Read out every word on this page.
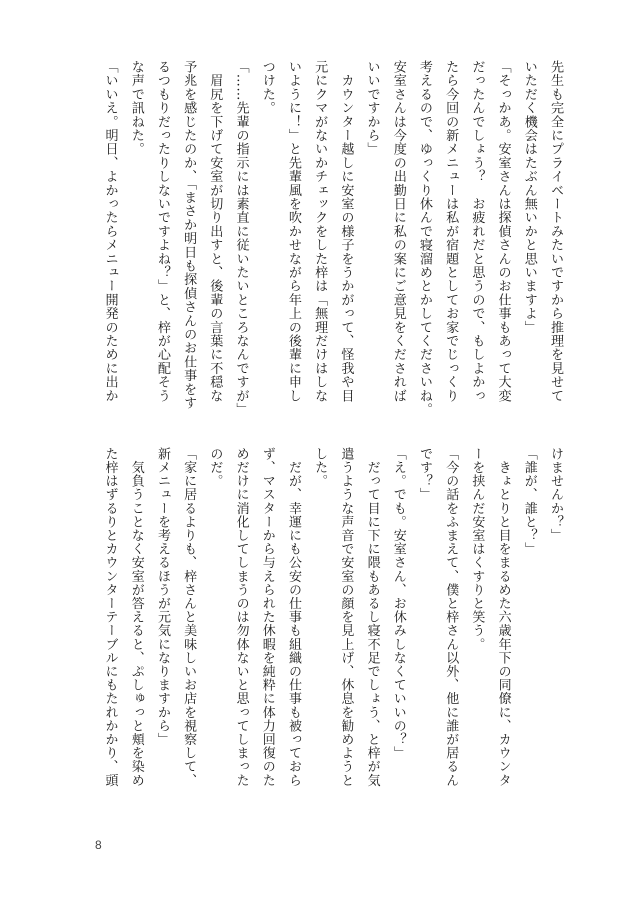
先生も完全にプライベートみたいですから推理を見せて

いただく機会はたぶん無いかと思いますよ」

「そっかあ。安室さんは探偵さんのお仕事もあって大変

だったんでしょう？　お疲れだと思うので、もしよかっ

たら今回の新メニューは私が宿題としてお家でじっくり

考えるので、ゆっくり休んで寝溜めとかしてくださいね。

安室さんは今度の出勤日に私の案にご意見をくだされば

いいですから」

　カウンター越しに安室の様子をうかがって、怪我や目

元にクマがないかチェックをした梓は「無理だけはしな

いように！」と先輩風を吹かせながら年上の後輩に申し

つけた。

「……先輩の指示には素直に従いたいところなんですが」

　眉尻を下げて安室が切り出すと、後輩の言葉に不穏な

予兆を感じたのか、「まさか明日も探偵さんのお仕事をす

るつもりだったりしないですよね？」と、梓が心配そう

な声で訊ねた。

「いいえ。明日、よかったらメニュー開発のために出か

けませんか？」

「誰が、誰と？」

　きょとりと目をまるめた六歳年下の同僚に、カウンタ

ーを挟んだ安室はくすりと笑う。

「今の話をふまえて、僕と梓さん以外、他に誰が居るん

です？」

「え。でも。安室さん、お休みしなくていいの？」

　だって目に下に隈もあるし寝不足でしょう、と梓が気

遣うような声音で安室の顔を見上げ、休息を勧めようと

した。

　だが、幸運にも公安の仕事も組織の仕事も被っておら

ず、マスターから与えられた休暇を純粋に体力回復のた

めだけに消化してしまうのは勿体ないと思ってしまった

のだ。

「家に居るよりも、梓さんと美味しいお店を視察して、

新メニューを考えるほうが元気になりますから」

　気負うことなく安室が答えると、ぷしゅっと頬を染め

た梓はずるりとカウンターテーブルにもたれかかり、頭

8
